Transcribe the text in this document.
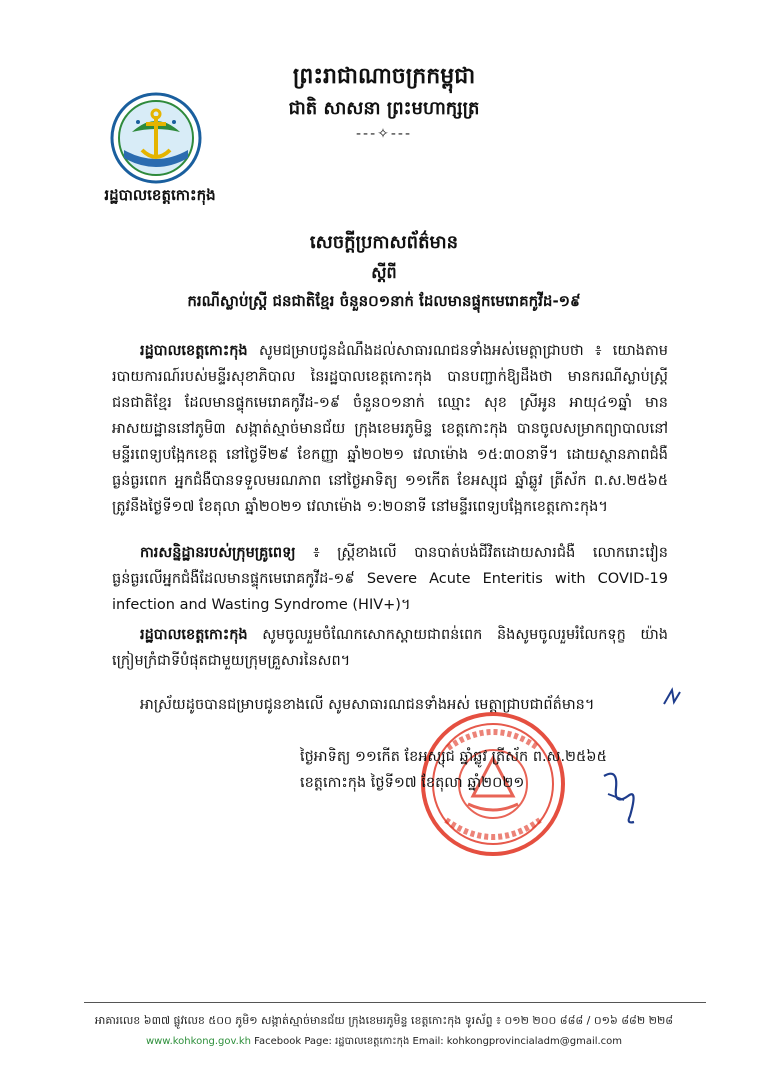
ព្រះរាជាណាចក្រកម្ពុជា
ជាតិ សាសនា ព្រះមហាក្សត្រ
---✧---
រដ្ឋបាលខេត្តកោះកុង
សេចក្តីប្រកាសព័ត៌មាន
ស្តីពី
ករណីស្លាប់ស្ត្រី ជនជាតិខ្មែរ ចំនួន០១នាក់ ដែលមានផ្ទុកមេរោគកូវីដ-១៩
រដ្ឋបាលខេត្តកោះកុង សូមជម្រាបជូនដំណឹងដល់សាធារណជនទាំងអស់មេត្តាជ្រាបថា ៖ យោងតាមរបាយការណ៍របស់មន្ទីរសុខាភិបាល នៃរដ្ឋបាលខេត្តកោះកុង បានបញ្ជាក់ឱ្យដឹងថា មានករណីស្លាប់ស្ត្រីជនជាតិខ្មែរ ដែលមានផ្ទុកមេរោគកូវីដ-១៩ ចំនួន០១នាក់ ឈ្មោះ សុខ ស្រីអូន អាយុ៤១ឆ្នាំ មានអាសយដ្ឋាននៅភូមិ៣ សង្កាត់ស្មាច់មានជ័យ ក្រុងខេមរភូមិន្ទ ខេត្តកោះកុង បានចូលសម្រាកព្យាបាលនៅមន្ទីរពេទ្យបង្អែកខេត្ត នៅថ្ងៃទី២៩ ខែកញ្ញា ឆ្នាំ២០២១ វេលាម៉ោង ១៥:៣០នាទី។ ដោយស្ថានភាពជំងឺធ្ងន់ធ្ងរពេក អ្នកជំងឺបានទទួលមរណភាព នៅថ្ងៃអាទិត្យ ១១កើត ខែអស្សុជ ឆ្នាំឆ្លូវ ត្រីស័ក ព.ស.២៥៦៥ ត្រូវនឹងថ្ងៃទី១៧ ខែតុលា ឆ្នាំ២០២១ វេលាម៉ោង ១:២០នាទី នៅមន្ទីរពេទ្យបង្អែកខេត្តកោះកុង។
ការសន្និដ្ឋានរបស់ក្រុមគ្រូពេទ្យ ៖ ស្ត្រីខាងលើ បានបាត់បង់ជីវិតដោយសារជំងឺ លោករោះវៀន ធ្ងន់ធ្ងរលើអ្នកជំងឺដែលមានផ្ទុកមេរោគកូវីដ-១៩ Severe Acute Enteritis with COVID-19 infection and Wasting Syndrome (HIV+)។
រដ្ឋបាលខេត្តកោះកុង សូមចូលរួមចំណែកសោកស្តាយជាពន់ពេក និងសូមចូលរួមរំលែកទុក្ខ យ៉ាងក្រៀមក្រំជាទីបំផុតជាមួយក្រុមគ្រួសារនៃសព។
អាស្រ័យដូចបានជម្រាបជូនខាងលើ សូមសាធារណជនទាំងអស់ មេត្តាជ្រាបជាព័ត៌មាន។
ថ្ងៃអាទិត្យ ១១កើត ខែអស្សុជ ឆ្នាំឆ្លូវ ត្រីស័ក ព.ស.២៥៦៥
ខេត្តកោះកុង ថ្ងៃទី១៧ ខែតុលា ឆ្នាំ២០២១
អាគារលេខ ៦៣៧ ផ្លូវលេខ ៥០០ ភូមិ១ សង្កាត់ស្មាច់មានជ័យ ក្រុងខេមរភូមិន្ទ ខេត្តកោះកុង ទូរស័ព្ទ ៖ ០១២ ២០០ ៨៨៨ / ០១៦ ៨៨២ ២២៨
www.kohkong.gov.kh Facebook Page: រដ្ឋបាលខេត្តកោះកុង Email: kohkongprovincialadm@gmail.com
